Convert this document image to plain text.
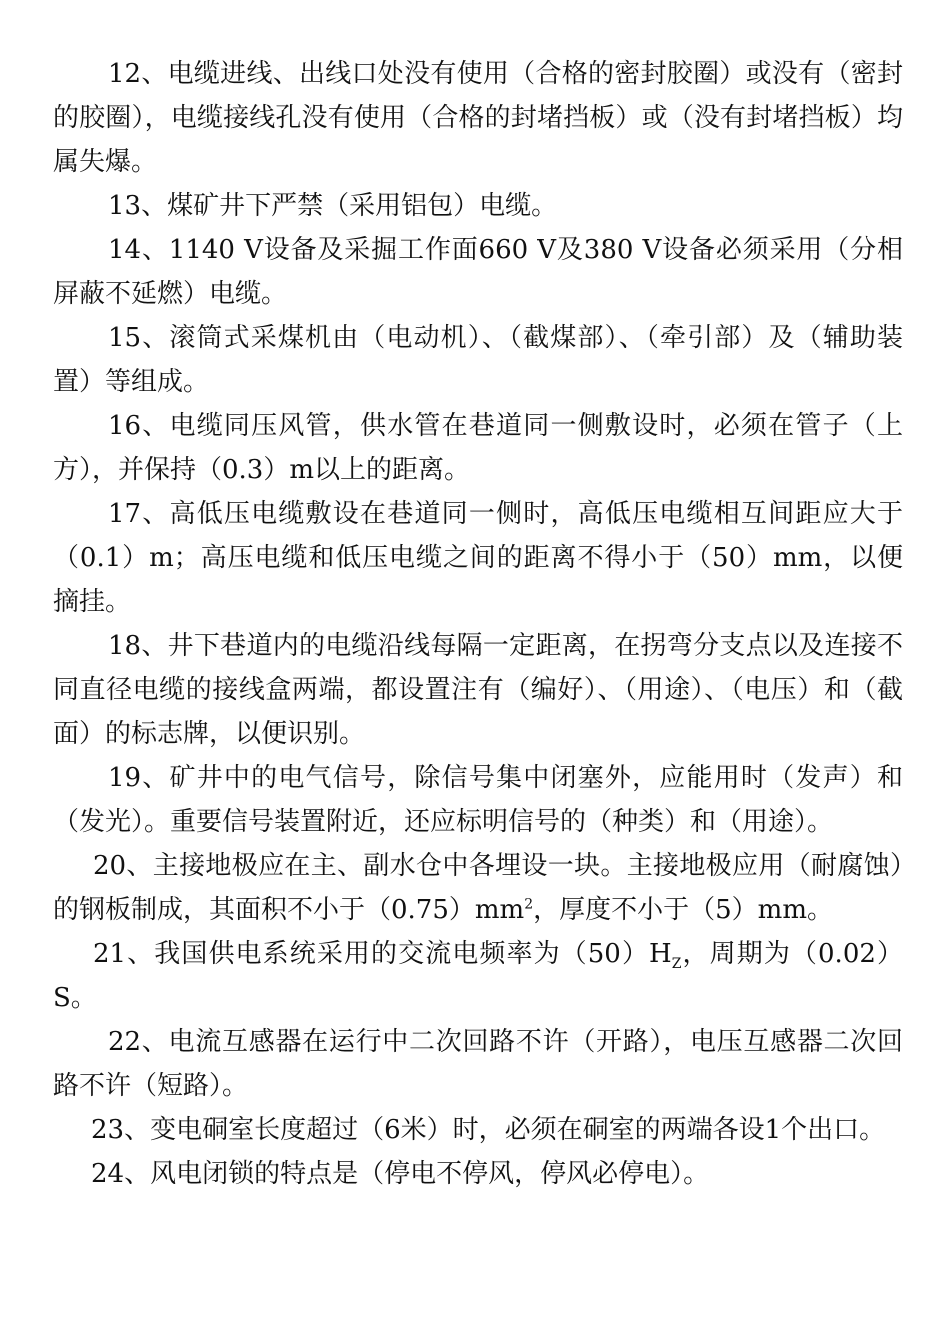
12、电缆进线、出线口处没有使用（合格的密封胶圈）或没有（密封的胶圈），电缆接线孔没有使用（合格的封堵挡板）或（没有封堵挡板）均属失爆。

13、煤矿井下严禁（采用铝包）电缆。

14、1140 V设备及采掘工作面660 V及380 V设备必须采用（分相屏蔽不延燃）电缆。

15、滚筒式采煤机由（电动机）、（截煤部）、（牵引部）及（辅助装置）等组成。

16、电缆同压风管，供水管在巷道同一侧敷设时，必须在管子（上方），并保持（0.3）m以上的距离。

17、高低压电缆敷设在巷道同一侧时，高低压电缆相互间距应大于（0.1）m；高压电缆和低压电缆之间的距离不得小于（50）mm，以便摘挂。

18、井下巷道内的电缆沿线每隔一定距离，在拐弯分支点以及连接不同直径电缆的接线盒两端，都设置注有（编好）、（用途）、（电压）和（截面）的标志牌，以便识别。

19、矿井中的电气信号，除信号集中闭塞外，应能用时（发声）和（发光）。重要信号装置附近，还应标明信号的（种类）和（用途）。

20、主接地极应在主、副水仓中各埋设一块。主接地极应用（耐腐蚀）的钢板制成，其面积不小于$(0.75)mm^2$，厚度不小于（5）mm。

21、我国供电系统采用的交流电频率为$(50)H_Z$，周期为（0.02）S。

22、电流互感器在运行中二次回路不许（开路），电压互感器二次回路不许（短路）。

23、变电硐室长度超过（6米）时，必须在硐室的两端各设1个出口。

24、风电闭锁的特点是（停电不停风，停风必停电）。
